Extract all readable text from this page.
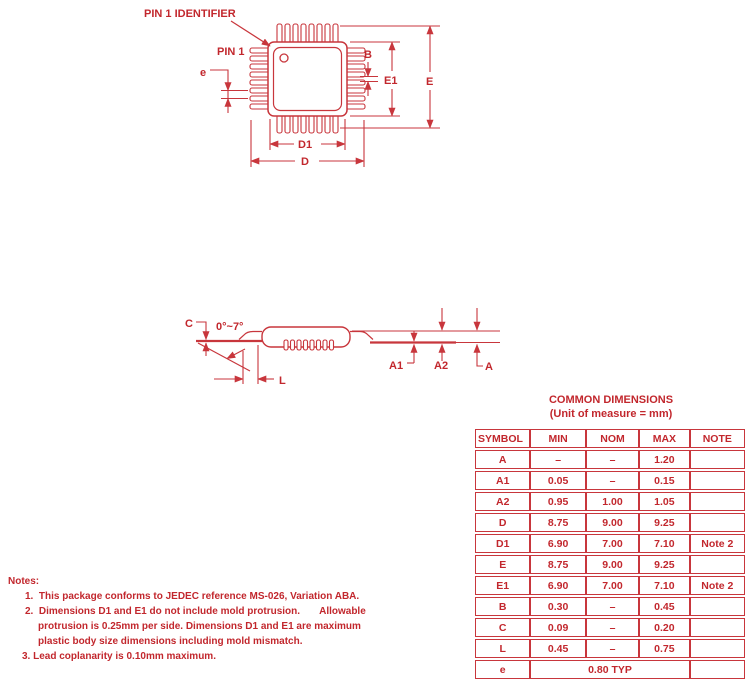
PIN 1 IDENTIFIER
PIN 1
e
B
E1	E
D1
D
0°~7°
C
L
A1	A2	A
COMMON DIMENSIONS
(Unit of measure = mm)
SYMBOL	MIN	NOM	MAX	NOTE
A	–	–	1.20	
A1	0.05	–	0.15	
A2	0.95	1.00	1.05	
D	8.75	9.00	9.25	
D1	6.90	7.00	7.10	Note 2
E	8.75	9.00	9.25	
E1	6.90	7.00	7.10	Note 2
B	0.30	–	0.45	
C	0.09	–	0.20	
L	0.45	–	0.75	
e	0.80 TYP			
Notes:
1.  This package conforms to JEDEC reference MS-026, Variation ABA.
2.  Dimensions D1 and E1 do not include mold protrusion.       Allowable
protrusion is 0.25mm per side. Dimensions D1 and E1 are maximum
plastic body size dimensions including mold mismatch.
3. Lead coplanarity is 0.10mm maximum.
